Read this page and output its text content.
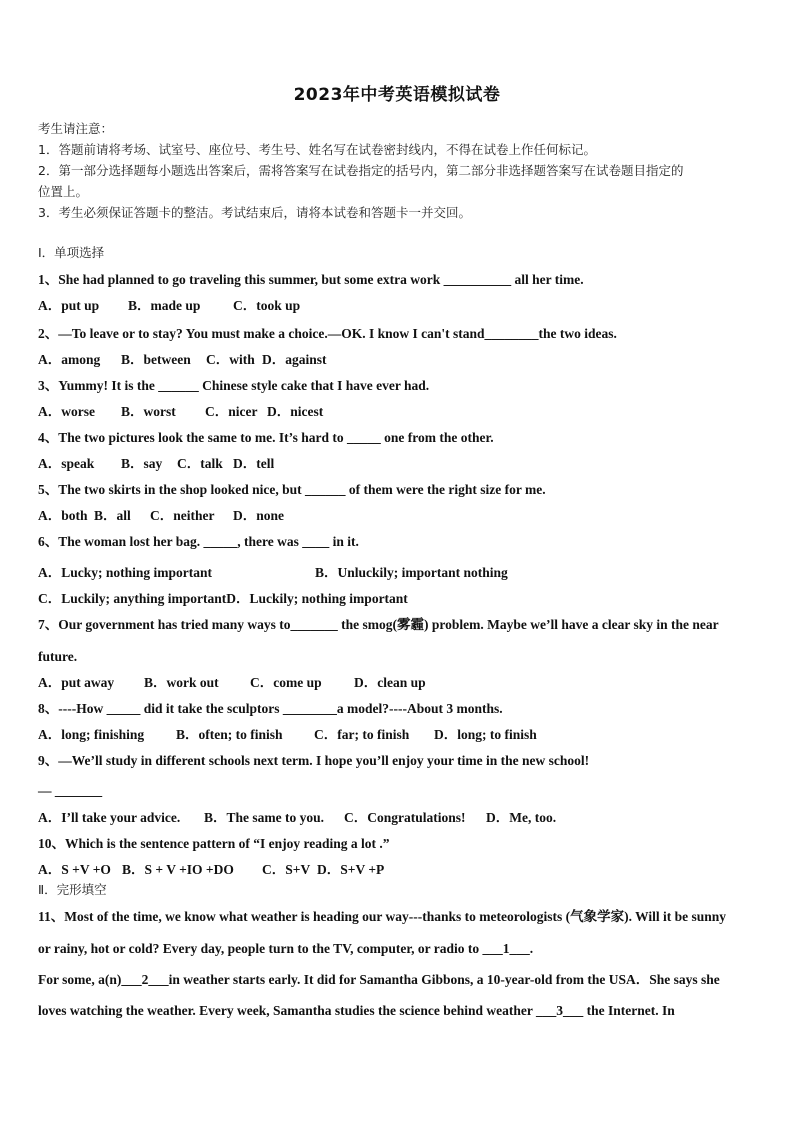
2023年中考英语模拟试卷
考生请注意：
1．答题前请将考场、试室号、座位号、考生号、姓名写在试卷密封线内，不得在试卷上作任何标记。
2．第一部分选择题每小题选出答案后，需将答案写在试卷指定的括号内，第二部分非选择题答案写在试卷题目指定的
位置上。
3．考生必须保证答题卡的整洁。考试结束后，请将本试卷和答题卡一并交回。
Ⅰ．单项选择
1、She had planned to go traveling this summer, but some extra work __________ all her time.
A．put up B．made up C．took up
2、—To leave or to stay? You must make a choice.—OK. I know I can't stand________the two ideas.
A．among B．between C．with D．against
3、Yummy! It is the ______ Chinese style cake that I have ever had.
A．worse B．worst C．nicer D．nicest
4、The two pictures look the same to me. It’s hard to _____ one from the other.
A．speak B．say C．talk D．tell
5、The two skirts in the shop looked nice, but ______ of them were the right size for me.
A．both B．all C．neither D．none
6、The woman lost her bag. _____, there was ____ in it.
A．Lucky; nothing important	B．Unluckily; important nothing
C．Luckily; anything importantD．Luckily; nothing important
7、Our government has tried many ways to_______ the smog(雾霾) problem. Maybe we’ll have a clear sky in the near
future.
A．put away B．work out C．come up D．clean up
8、----How _____ did it take the sculptors ________a model?----About 3 months.
A．long; finishing B．often; to finish C．far; to finish D．long; to finish
9、—We’ll study in different schools next term. I hope you’ll enjoy your time in the new school!
— _______
A．I’ll take your advice. B．The same to you. C．Congratulations! D．Me, too.
10、Which is the sentence pattern of “I enjoy reading a lot .”
A．S +V +O B．S + V +IO +DO C．S+V D．S+V +P
Ⅱ．完形填空
11、Most of the time, we know what weather is heading our way---thanks to meteorologists (气象学家). Will it be sunny
or rainy, hot or cold? Every day, people turn to the TV, computer, or radio to ___1___.
For some, a(n)___2___in weather starts early. It did for Samantha Gibbons, a 10-year-old from the USA．She says she
loves watching the weather. Every week, Samantha studies the science behind weather ___3___ the Internet. In
